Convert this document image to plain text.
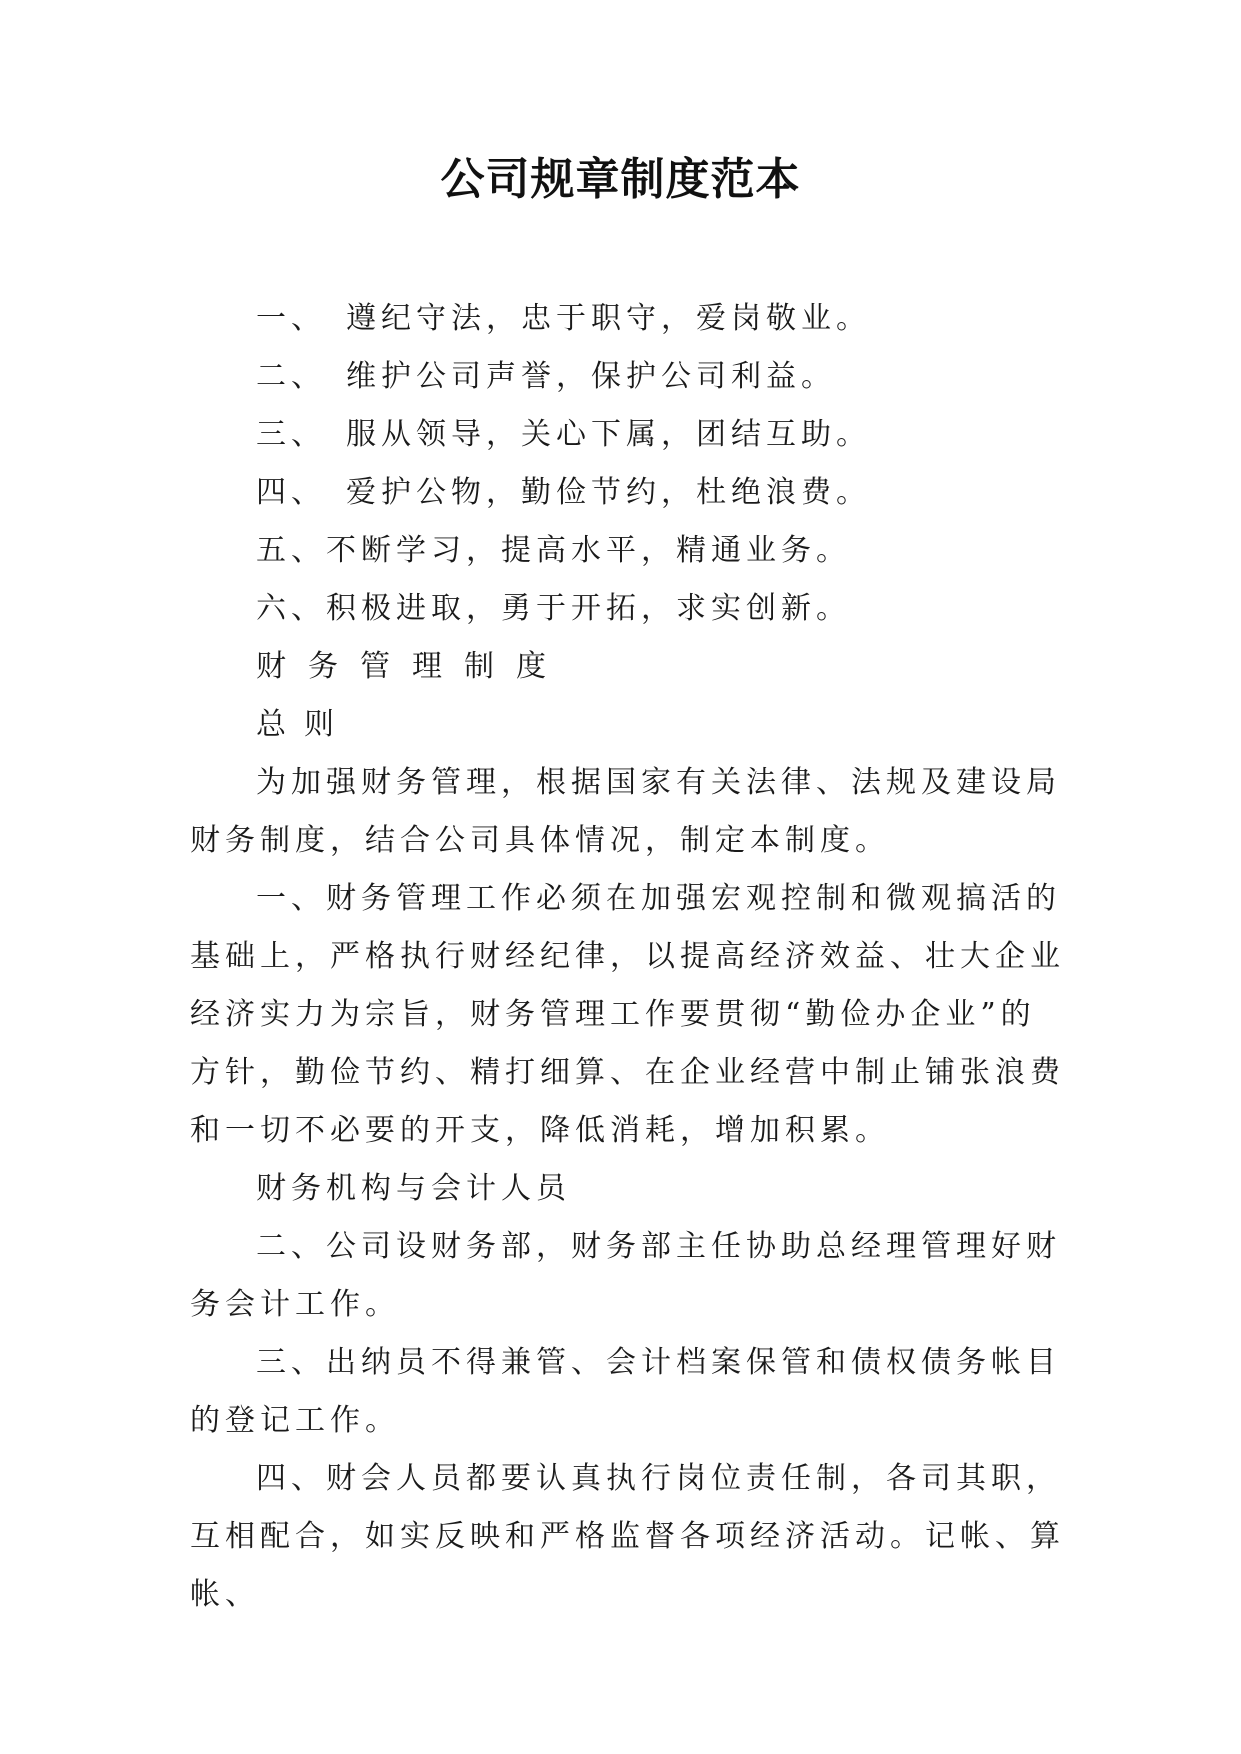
公司规章制度范本

一、　遵纪守法，忠于职守，爱岗敬业。

二、　维护公司声誉，保护公司利益。

三、　服从领导，关心下属，团结互助。

四、　爱护公物，勤俭节约，杜绝浪费。

五、不断学习，提高水平，精通业务。

六、积极进取，勇于开拓，求实创新。

财务管理制度

总则

为加强财务管理，根据国家有关法律、法规及建设局财务制度，结合公司具体情况，制定本制度。

一、财务管理工作必须在加强宏观控制和微观搞活的基础上，严格执行财经纪律，以提高经济效益、壮大企业经济实力为宗旨，财务管理工作要贯彻“勤俭办企业”的方针，勤俭节约、精打细算、在企业经营中制止铺张浪费和一切不必要的开支，降低消耗，增加积累。

财务机构与会计人员

二、公司设财务部，财务部主任协助总经理管理好财务会计工作。

三、出纳员不得兼管、会计档案保管和债权债务帐目的登记工作。

四、财会人员都要认真执行岗位责任制，各司其职，互相配合，如实反映和严格监督各项经济活动。记帐、算帐、
